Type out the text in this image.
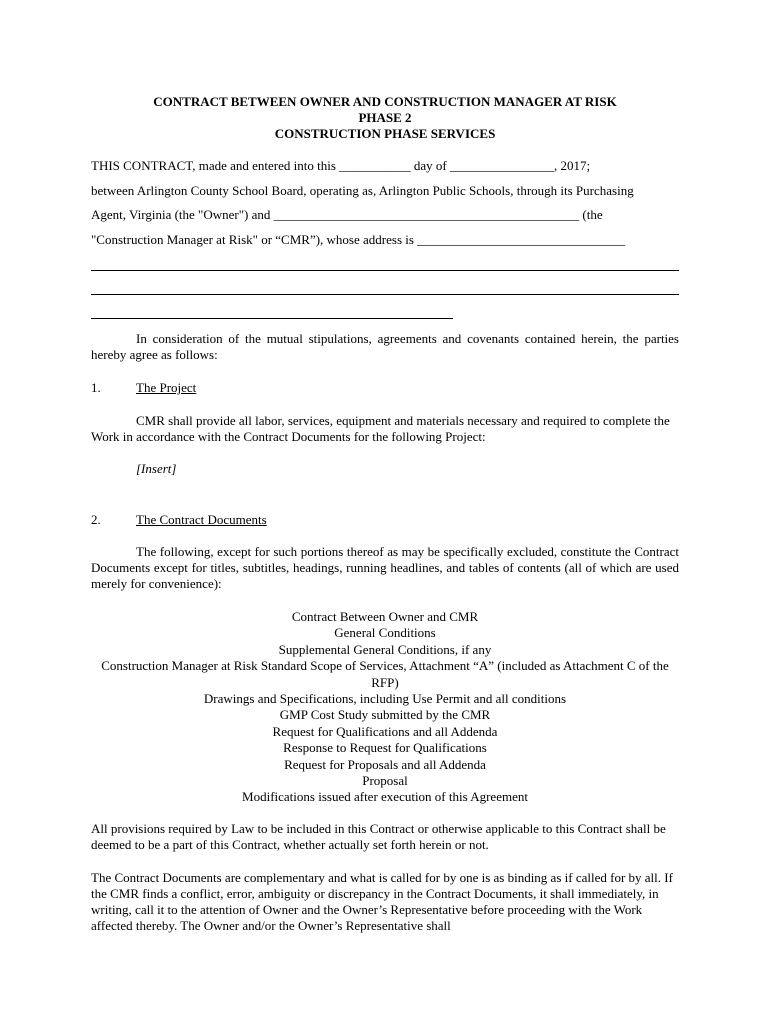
CONTRACT BETWEEN OWNER AND CONSTRUCTION MANAGER AT RISK
PHASE 2
CONSTRUCTION PHASE SERVICES
THIS CONTRACT, made and entered into this ___________ day of ________________, 2017;
between Arlington County School Board, operating as, Arlington Public Schools, through its Purchasing
Agent, Virginia (the "Owner") and _______________________________________________ (the
"Construction Manager at Risk" or “CMR”), whose address is ________________________________
In consideration of the mutual stipulations, agreements and covenants contained herein, the parties hereby agree as follows:
1.	The Project
CMR shall provide all labor, services, equipment and materials necessary and required to complete the Work in accordance with the Contract Documents for the following Project:
[Insert]
2.	The Contract Documents
The following, except for such portions thereof as may be specifically excluded, constitute the Contract Documents except for titles, subtitles, headings, running headlines, and tables of contents (all of which are used merely for convenience):
Contract Between Owner and CMR
General Conditions
Supplemental General Conditions, if any
Construction Manager at Risk Standard Scope of Services, Attachment “A” (included as Attachment C of the RFP)
Drawings and Specifications, including Use Permit and all conditions
GMP Cost Study submitted by the CMR
Request for Qualifications and all Addenda
Response to Request for Qualifications
Request for Proposals and all Addenda
Proposal
Modifications issued after execution of this Agreement
All provisions required by Law to be included in this Contract or otherwise applicable to this Contract shall be deemed to be a part of this Contract, whether actually set forth herein or not.
The Contract Documents are complementary and what is called for by one is as binding as if called for by all. If the CMR finds a conflict, error, ambiguity or discrepancy in the Contract Documents, it shall immediately, in writing, call it to the attention of Owner and the Owner’s Representative before proceeding with the Work affected thereby. The Owner and/or the Owner’s Representative shall
